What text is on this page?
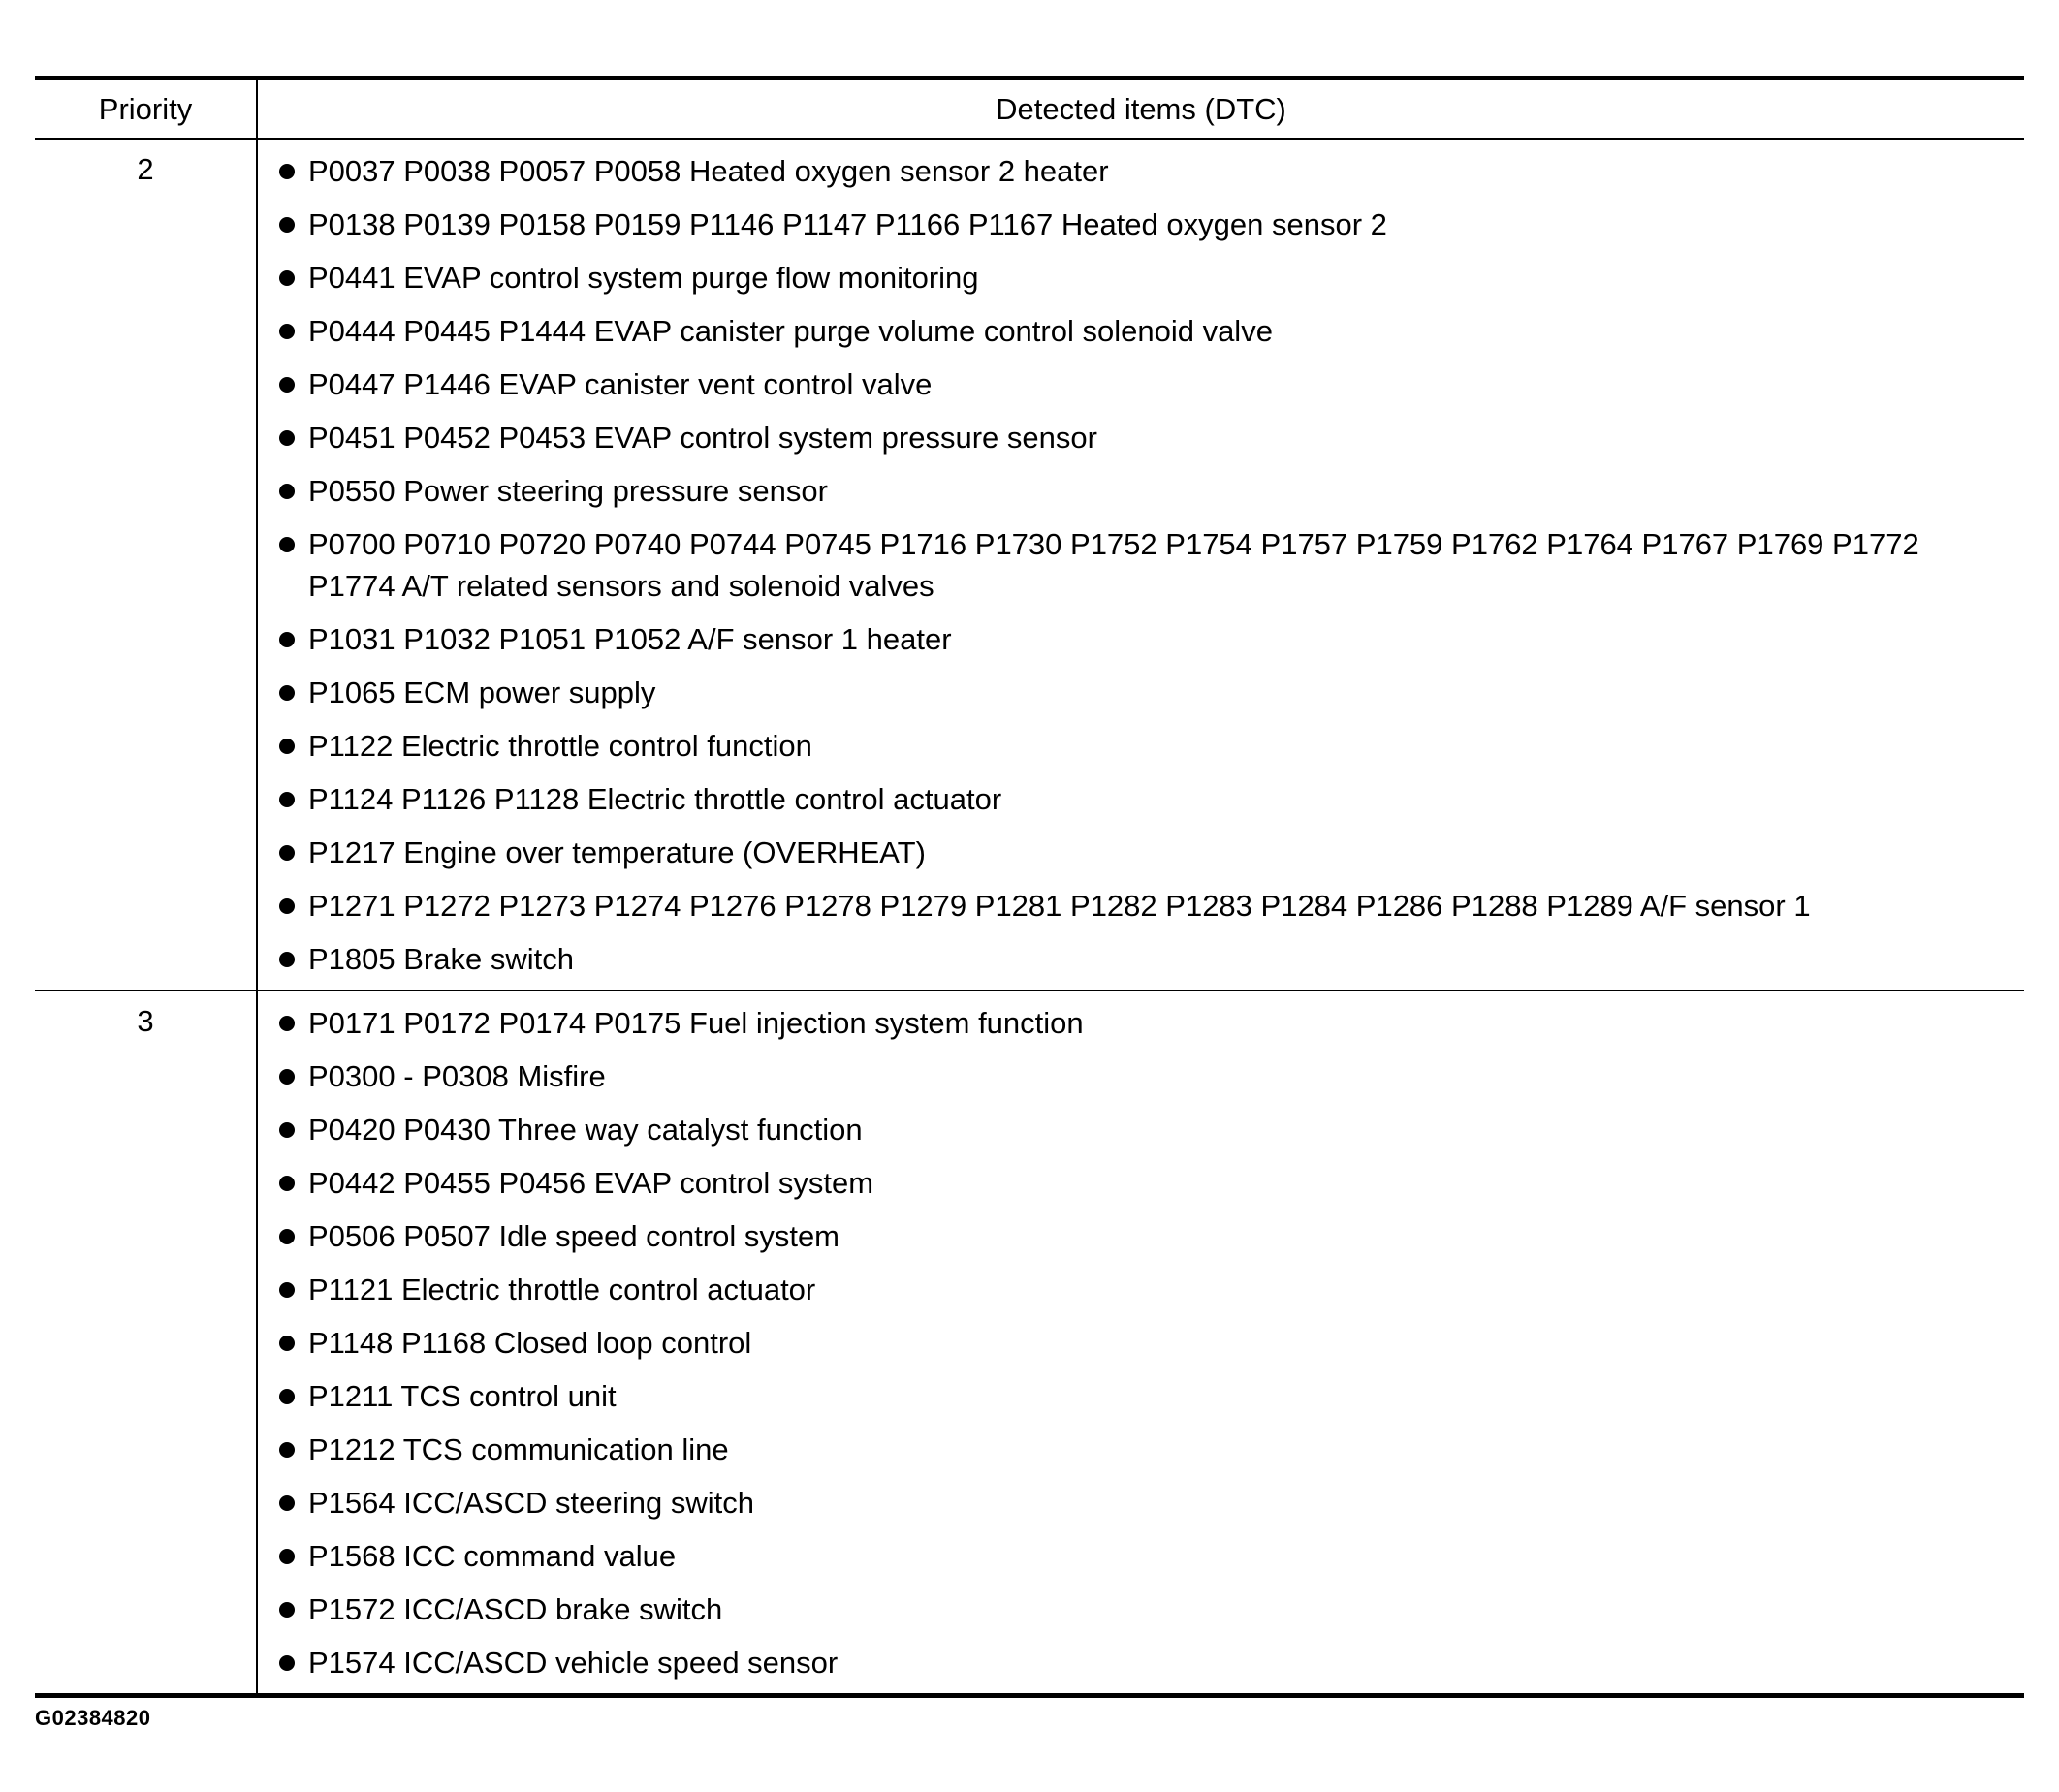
Priority	Detected items (DTC)
2	P0037 P0038 P0057 P0058 Heated oxygen sensor 2 heater
P0138 P0139 P0158 P0159 P1146 P1147 P1166 P1167 Heated oxygen sensor 2
P0441 EVAP control system purge flow monitoring
P0444 P0445 P1444 EVAP canister purge volume control solenoid valve
P0447 P1446 EVAP canister vent control valve
P0451 P0452 P0453 EVAP control system pressure sensor
P0550 Power steering pressure sensor
P0700 P0710 P0720 P0740 P0744 P0745 P1716 P1730 P1752 P1754 P1757 P1759 P1762 P1764 P1767 P1769 P1772 P1774 A/T related sensors and solenoid valves
P1031 P1032 P1051 P1052 A/F sensor 1 heater
P1065 ECM power supply
P1122 Electric throttle control function
P1124 P1126 P1128 Electric throttle control actuator
P1217 Engine over temperature (OVERHEAT)
P1271 P1272 P1273 P1274 P1276 P1278 P1279 P1281 P1282 P1283 P1284 P1286 P1288 P1289 A/F sensor 1
P1805 Brake switch
3	P0171 P0172 P0174 P0175 Fuel injection system function
P0300 - P0308 Misfire
P0420 P0430 Three way catalyst function
P0442 P0455 P0456 EVAP control system
P0506 P0507 Idle speed control system
P1121 Electric throttle control actuator
P1148 P1168 Closed loop control
P1211 TCS control unit
P1212 TCS communication line
P1564 ICC/ASCD steering switch
P1568 ICC command value
P1572 ICC/ASCD brake switch
P1574 ICC/ASCD vehicle speed sensor
G02384820
